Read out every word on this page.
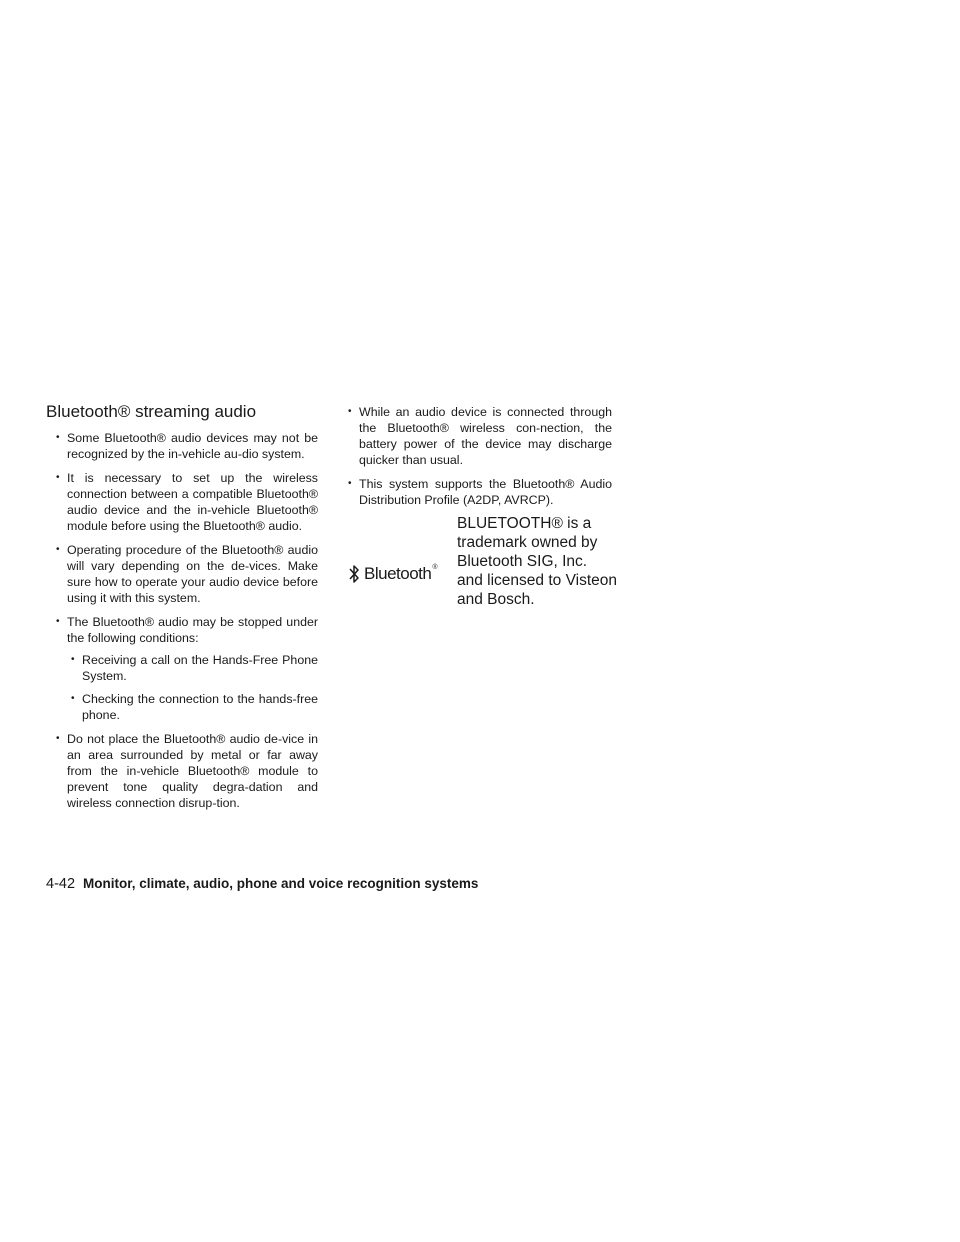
Bluetooth® streaming audio
• Some Bluetooth® audio devices may not be recognized by the in-vehicle au-dio system.
• It is necessary to set up the wireless connection between a compatible Bluetooth® audio device and the in-vehicle Bluetooth® module before using the Bluetooth® audio.
• Operating procedure of the Bluetooth® audio will vary depending on the de-vices. Make sure how to operate your audio device before using it with this system.
• The Bluetooth® audio may be stopped under the following conditions:
• Receiving a call on the Hands-Free Phone System.
• Checking the connection to the hands-free phone.
• Do not place the Bluetooth® audio de-vice in an area surrounded by metal or far away from the in-vehicle Bluetooth® module to prevent tone quality degra-dation and wireless connection disrup-tion.
• While an audio device is connected through the Bluetooth® wireless con-nection, the battery power of the device may discharge quicker than usual.
• This system supports the Bluetooth® Audio Distribution Profile (A2DP, AVRCP).
Bluetooth ®

BLUETOOTH® is a trademark owned by Bluetooth SIG, Inc. and licensed to Visteon and Bosch.

4-42 Monitor, climate, audio, phone and voice recognition systems
